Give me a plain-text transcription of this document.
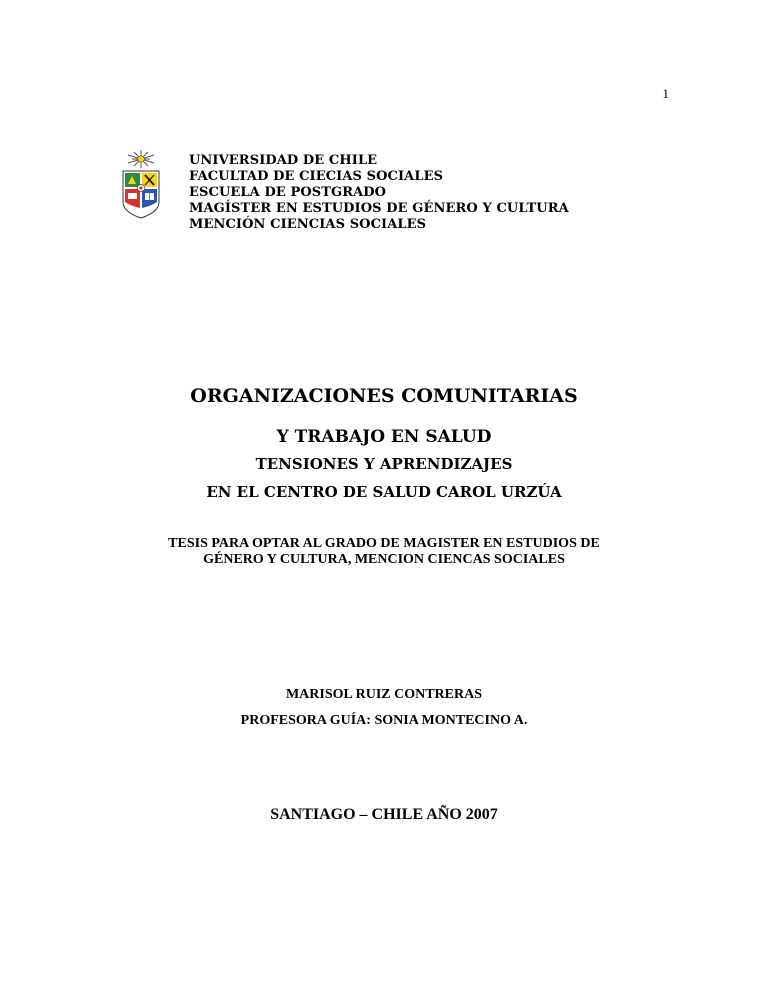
1
UNIVERSIDAD DE CHILE
FACULTAD DE CIECIAS SOCIALES
ESCUELA DE POSTGRADO
MAGÍSTER EN ESTUDIOS DE GÉNERO Y CULTURA
MENCIÓN CIENCIAS SOCIALES
ORGANIZACIONES COMUNITARIAS
Y TRABAJO EN SALUD
TENSIONES Y APRENDIZAJES
EN EL CENTRO DE SALUD CAROL URZÚA
TESIS PARA OPTAR AL GRADO DE MAGISTER EN ESTUDIOS DE
GÉNERO Y CULTURA, MENCION CIENCAS SOCIALES
MARISOL RUIZ CONTRERAS
PROFESORA GUÍA: SONIA MONTECINO A.
SANTIAGO – CHILE AÑO 2007
